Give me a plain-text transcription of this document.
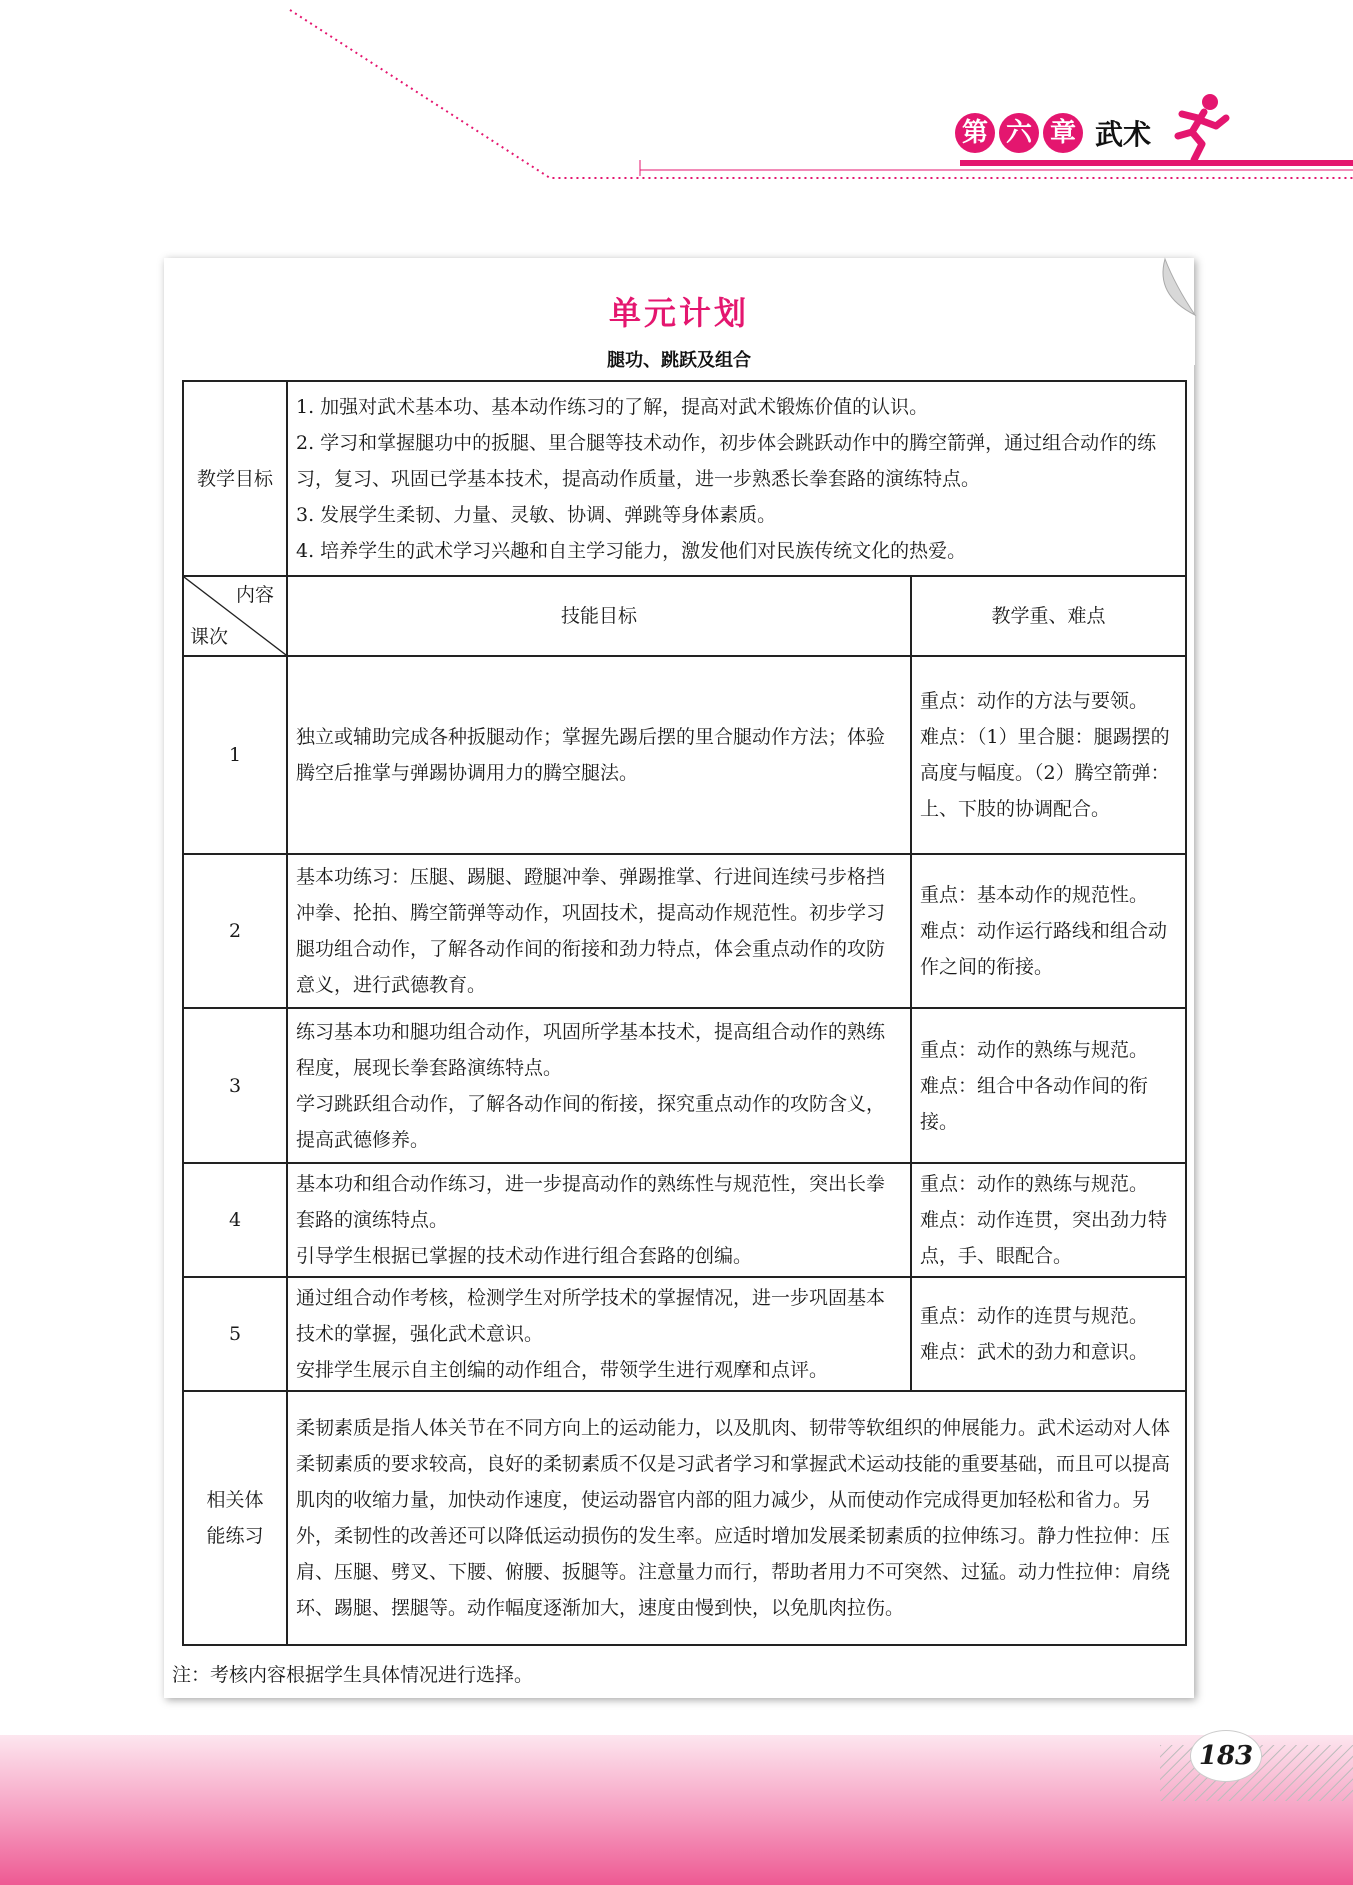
第 六 章 武术
单元计划
腿功、跳跃及组合
教学目标	1. 加强对武术基本功、基本动作练习的了解，提高对武术锻炼价值的认识。
2. 学习和掌握腿功中的扳腿、里合腿等技术动作，初步体会跳跃动作中的腾空箭弹，通过组合动作的练习，复习、巩固已学基本技术，提高动作质量，进一步熟悉长拳套路的演练特点。
3. 发展学生柔韧、力量、灵敏、协调、弹跳等身体素质。
4. 培养学生的武术学习兴趣和自主学习能力，激发他们对民族传统文化的热爱。	

内容
课次	技能目标	教学重、难点
1	独立或辅助完成各种扳腿动作；掌握先踢后摆的里合腿动作方法；体验腾空后推掌与弹踢协调用力的腾空腿法。	重点：动作的方法与要领。
难点：（1）里合腿：腿踢摆的高度与幅度。（2）腾空箭弹：上、下肢的协调配合。

2	基本功练习：压腿、踢腿、蹬腿冲拳、弹踢推掌、行进间连续弓步格挡冲拳、抡拍、腾空箭弹等动作，巩固技术，提高动作规范性。初步学习腿功组合动作，了解各动作间的衔接和劲力特点，体会重点动作的攻防意义，进行武德教育。	重点：基本动作的规范性。
难点：动作运行路线和组合动作之间的衔接。

3	练习基本功和腿功组合动作，巩固所学基本技术，提高组合动作的熟练程度，展现长拳套路演练特点。
学习跳跃组合动作，了解各动作间的衔接，探究重点动作的攻防含义，提高武德修养。	重点：动作的熟练与规范。
难点：组合中各动作间的衔接。

4	基本功和组合动作练习，进一步提高动作的熟练性与规范性，突出长拳套路的演练特点。
引导学生根据已掌握的技术动作进行组合套路的创编。	重点：动作的熟练与规范。
难点：动作连贯，突出劲力特点，手、眼配合。

5	通过组合动作考核，检测学生对所学技术的掌握情况，进一步巩固基本技术的掌握，强化武术意识。
安排学生展示自主创编的动作组合，带领学生进行观摩和点评。	重点：动作的连贯与规范。
难点：武术的劲力和意识。

相关体
能练习	柔韧素质是指人体关节在不同方向上的运动能力，以及肌肉、韧带等软组织的伸展能力。武术运动对人体柔韧素质的要求较高，良好的柔韧素质不仅是习武者学习和掌握武术运动技能的重要基础，而且可以提高肌肉的收缩力量，加快动作速度，使运动器官内部的阻力减少，从而使动作完成得更加轻松和省力。另外，柔韧性的改善还可以降低运动损伤的发生率。应适时增加发展柔韧素质的拉伸练习。静力性拉伸：压肩、压腿、劈叉、下腰、俯腰、扳腿等。注意量力而行，帮助者用力不可突然、过猛。动力性拉伸：肩绕环、踢腿、摆腿等。动作幅度逐渐加大，速度由慢到快，以免肌肉拉伤。	
注：考核内容根据学生具体情况进行选择。
183
